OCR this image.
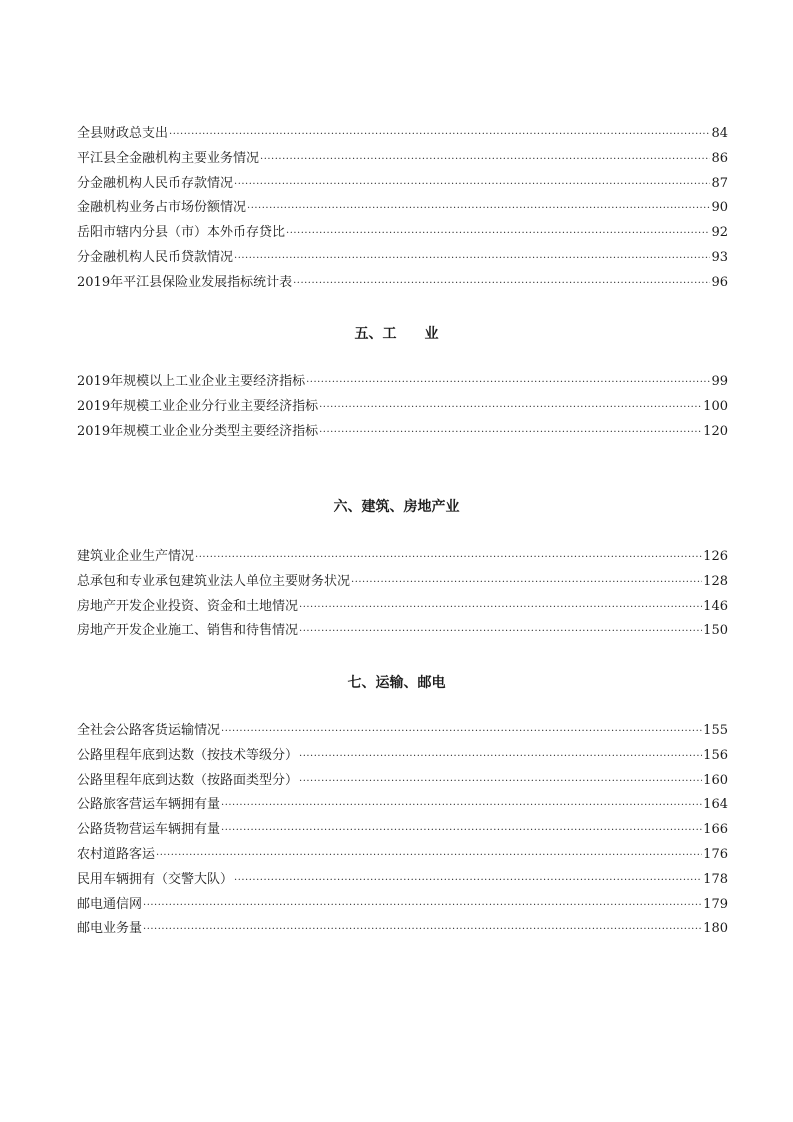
全县财政总支出 ·····	84
平江县全金融机构主要业务情况 ·····	86
分金融机构人民币存款情况 ·····	87
金融机构业务占市场份额情况 ·····	90
岳阳市辖内分县（市）本外币存贷比 ·····	92
分金融机构人民币贷款情况 ·····	93
2019年平江县保险业发展指标统计表 ·····	96
五、工　　业
2019年规模以上工业企业主要经济指标 ·····	99
2019年规模工业企业分行业主要经济指标 ·····	100
2019年规模工业企业分类型主要经济指标 ·····	120
六、建筑、房地产业
建筑业企业生产情况 ·····	126
总承包和专业承包建筑业法人单位主要财务状况 ·····	128
房地产开发企业投资、资金和土地情况 ·····	146
房地产开发企业施工、销售和待售情况 ·····	150
七、运输、邮电
全社会公路客货运输情况 ·····	155
公路里程年底到达数（按技术等级分） ·····	156
公路里程年底到达数（按路面类型分） ·····	160
公路旅客营运车辆拥有量 ·····	164
公路货物营运车辆拥有量 ·····	166
农村道路客运 ·····	176
民用车辆拥有（交警大队） ·····	178
邮电通信网 ·····	179
邮电业务量 ·····	180
